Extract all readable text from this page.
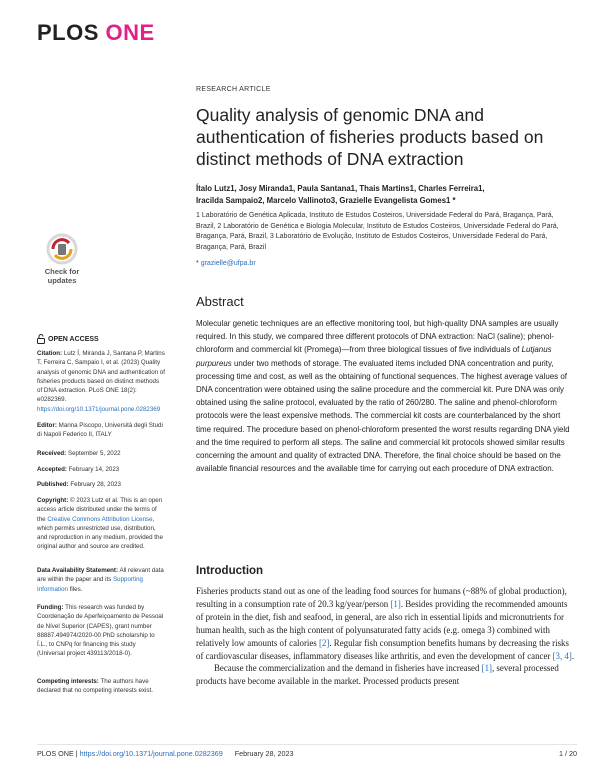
PLOS ONE
RESEARCH ARTICLE
Quality analysis of genomic DNA and authentication of fisheries products based on distinct methods of DNA extraction
Ítalo Lutz1, Josy Miranda1, Paula Santana1, Thais Martins1, Charles Ferreira1,
Iracilda Sampaio2, Marcelo Vallinoto3, Grazielle Evangelista Gomes1 *
1 Laboratório de Genética Aplicada, Instituto de Estudos Costeiros, Universidade Federal do Pará, Bragança, Pará, Brazil, 2 Laboratório de Genética e Biologia Molecular, Instituto de Estudos Costeiros, Universidade Federal do Pará, Bragança, Pará, Brazil, 3 Laboratório de Evolução, Instituto de Estudos Costeiros, Universidade Federal do Pará, Bragança, Pará, Brazil
* grazielle@ufpa.br
Check for
updates
OPEN ACCESS
Citation: Lutz Í, Miranda J, Santana P, Martins T, Ferreira C, Sampaio I, et al. (2023) Quality analysis of genomic DNA and authentication of fisheries products based on distinct methods of DNA extraction. PLoS ONE 18(2): e0282369. https://doi.org/10.1371/journal.pone.0282369
Editor: Marina Piscopo, Università degli Studi di Napoli Federico II, ITALY
Received: September 5, 2022
Accepted: February 14, 2023
Published: February 28, 2023
Copyright: © 2023 Lutz et al. This is an open access article distributed under the terms of the Creative Commons Attribution License, which permits unrestricted use, distribution, and reproduction in any medium, provided the original author and source are credited.
Data Availability Statement: All relevant data are within the paper and its Supporting Information files.
Funding: This research was funded by Coordenação de Aperfeiçoamento de Pessoal de Nível Superior (CAPES), grant number 88887.494974/2020-00 PhD scholarship to Í.L., to CNPq for financing this study (Universal project 439113/2018-0).
Competing interests: The authors have declared that no competing interests exist.
Abstract
Molecular genetic techniques are an effective monitoring tool, but high-quality DNA samples are usually required. In this study, we compared three different protocols of DNA extraction: NaCl (saline); phenol-chloroform and commercial kit (Promega)—from three biological tissues of five individuals of Lutjanus purpureus under two methods of storage. The evaluated items included DNA concentration and purity, processing time and cost, as well as the obtaining of functional sequences. The highest average values of DNA concentration were obtained using the saline procedure and the commercial kit. Pure DNA was only obtained using the saline protocol, evaluated by the ratio of 260/280. The saline and phenol-chloroform protocols were the least expensive methods. The commercial kit costs are counterbalanced by the short time required. The procedure based on phenol-chloroform presented the worst results regarding DNA yield and the time required to perform all steps. The saline and commercial kit protocols showed similar results concerning the amount and quality of extracted DNA. Therefore, the final choice should be based on the available financial resources and the available time for carrying out each procedure of DNA extraction.
Introduction
Fisheries products stand out as one of the leading food sources for humans (~88% of global production), resulting in a consumption rate of 20.3 kg/year/person [1]. Besides providing the recommended amounts of protein in the diet, fish and seafood, in general, are also rich in essential lipids and micronutrients for human health, such as the high content of polyunsaturated fatty acids (e.g. omega 3) combined with relatively low amounts of calories [2]. Regular fish consumption benefits humans by decreasing the risks of cardiovascular diseases, inflammatory diseases like arthritis, and even the development of cancer [3, 4].
Because the commercialization and the demand in fisheries have increased [1], several processed products have become available in the market. Processed products present
PLOS ONE | https://doi.org/10.1371/journal.pone.0282369 February 28, 2023	1 / 20
